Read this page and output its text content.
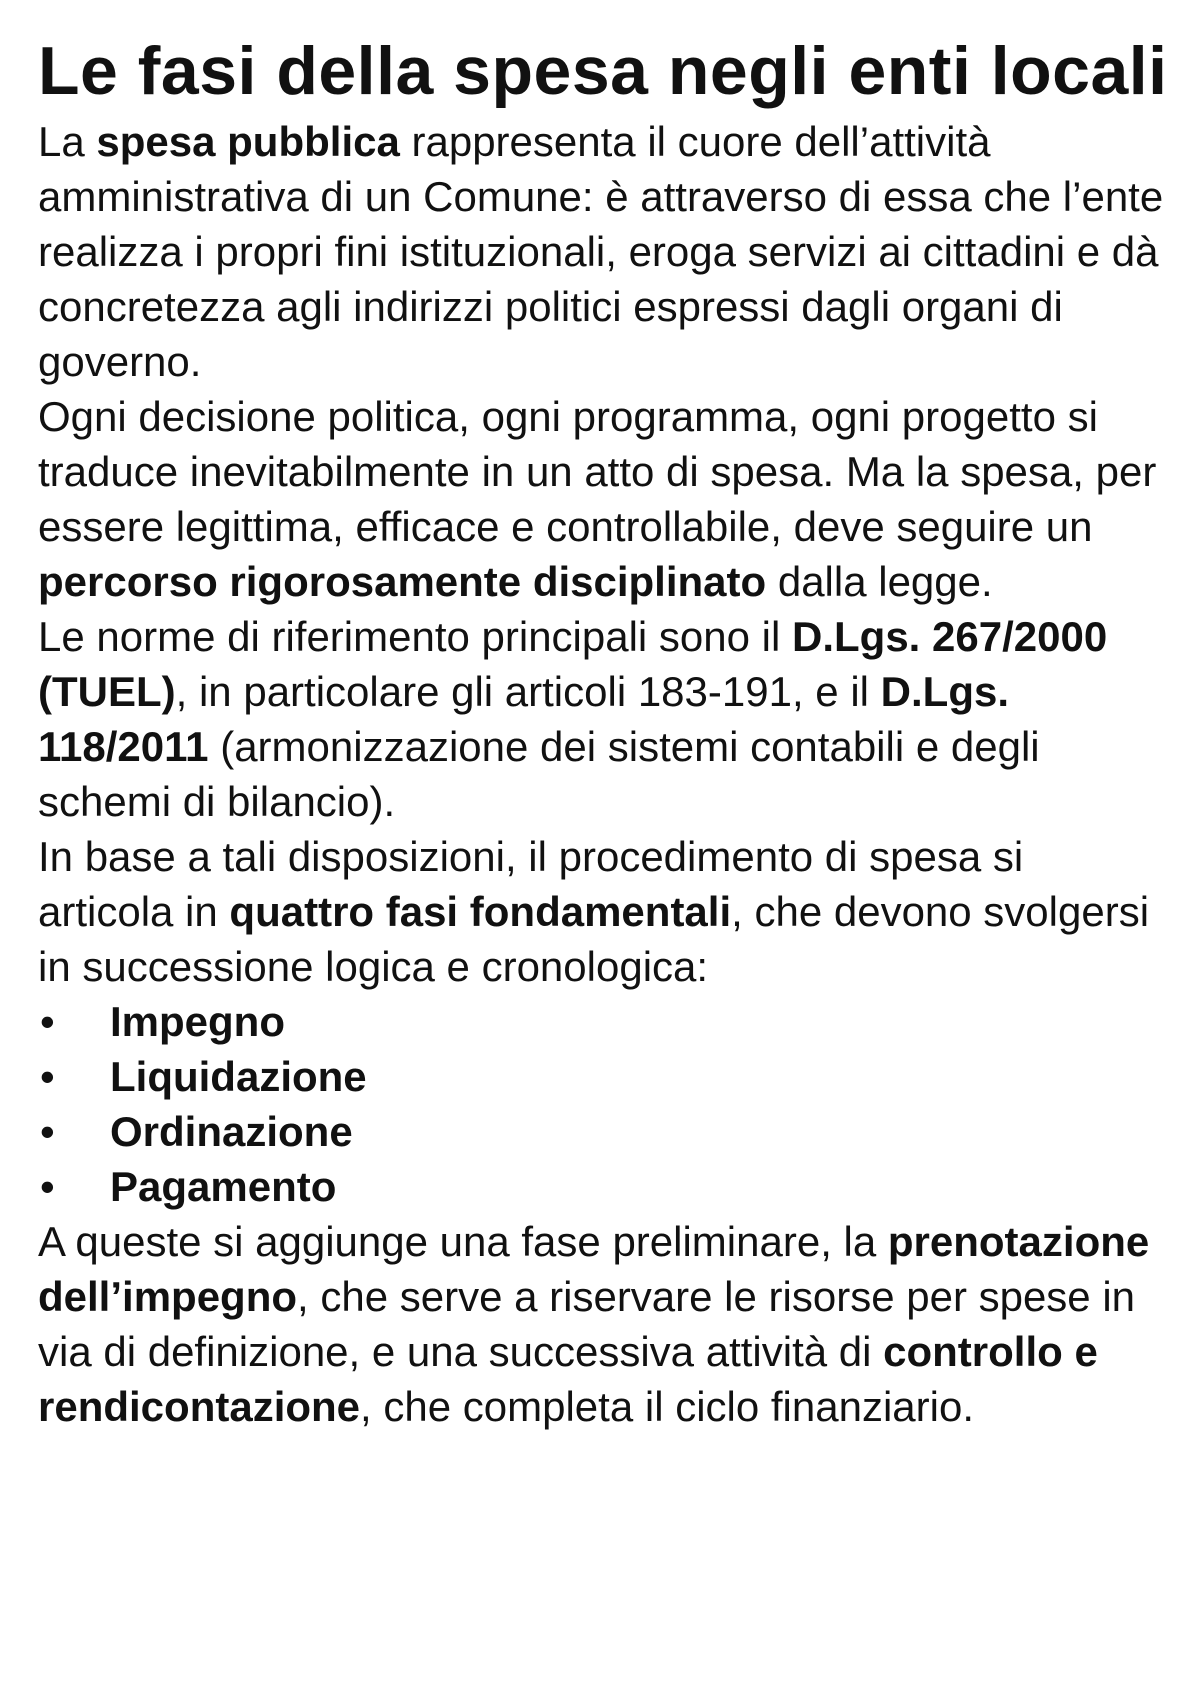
Le fasi della spesa negli enti locali

La spesa pubblica rappresenta il cuore dell’attività amministrativa di un Comune: è attraverso di essa che l’ente realizza i propri fini istituzionali, eroga servizi ai cittadini e dà concretezza agli indirizzi politici espressi dagli organi di governo.

Ogni decisione politica, ogni programma, ogni progetto si traduce inevitabilmente in un atto di spesa. Ma la spesa, per essere legittima, efficace e controllabile, deve seguire un percorso rigorosamente disciplinato dalla legge.

Le norme di riferimento principali sono il D.Lgs. 267/2000 (TUEL), in particolare gli articoli 183-191, e il D.Lgs. 118/2011 (armonizzazione dei sistemi contabili e degli schemi di bilancio).

In base a tali disposizioni, il procedimento di spesa si articola in quattro fasi fondamentali, che devono svolgersi in successione logica e cronologica:

• Impegno
• Liquidazione
• Ordinazione
• Pagamento

A queste si aggiunge una fase preliminare, la prenotazione dell’impegno, che serve a riservare le risorse per spese in via di definizione, e una successiva attività di controllo e rendicontazione, che completa il ciclo finanziario.
